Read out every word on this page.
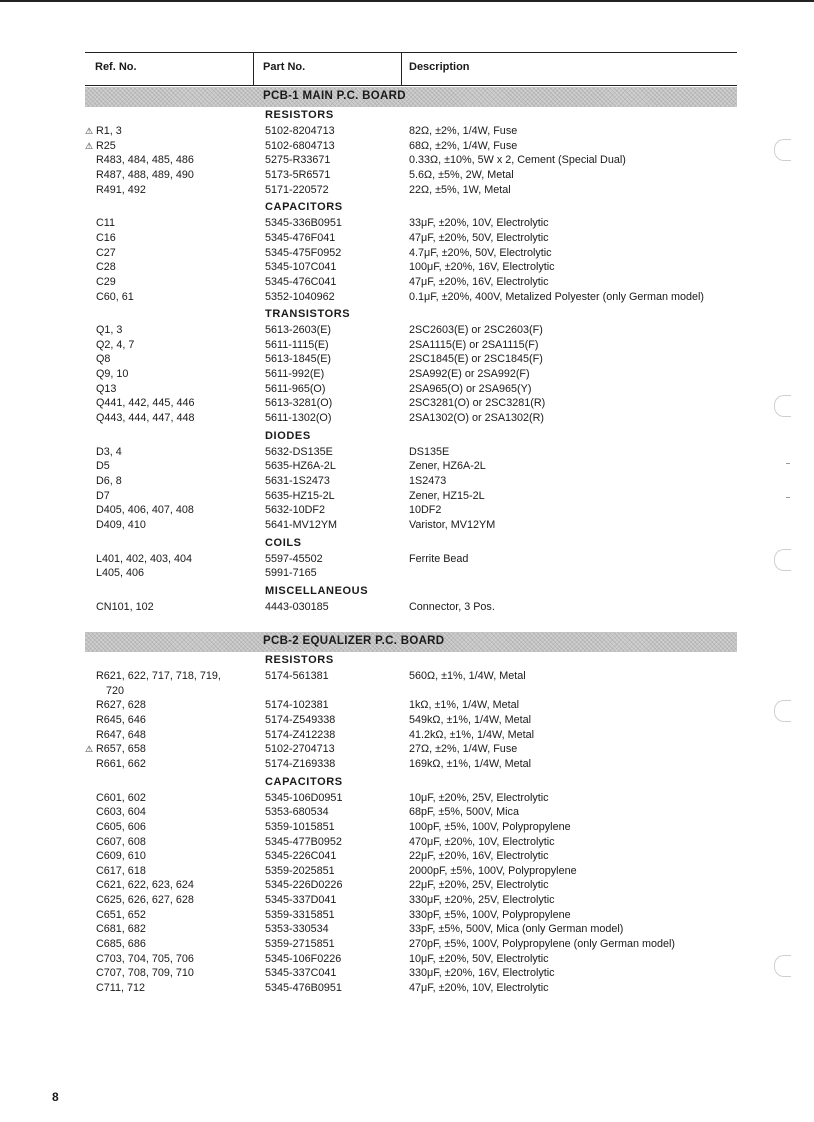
Ref. No.	Part No.	Description
PCB-1 MAIN P.C. BOARD
RESISTORS
⚠ R1, 3	5102-8204713	82Ω, ±2%, 1/4W, Fuse
⚠ R25	5102-6804713	68Ω, ±2%, 1/4W, Fuse
R483, 484, 485, 486	5275-R33671	0.33Ω, ±10%, 5W x 2, Cement (Special Dual)
R487, 488, 489, 490	5173-5R6571	5.6Ω, ±5%, 2W, Metal
R491, 492	5171-220572	22Ω, ±5%, 1W, Metal
CAPACITORS
C11	5345-336B0951	33μF, ±20%, 10V, Electrolytic
C16	5345-476F041	47μF, ±20%, 50V, Electrolytic
C27	5345-475F0952	4.7μF, ±20%, 50V, Electrolytic
C28	5345-107C041	100μF, ±20%, 16V, Electrolytic
C29	5345-476C041	47μF, ±20%, 16V, Electrolytic
C60, 61	5352-1040962	0.1μF, ±20%, 400V, Metalized Polyester (only German model)
TRANSISTORS
Q1, 3	5613-2603(E)	2SC2603(E) or 2SC2603(F)
Q2, 4, 7	5611-1115(E)	2SA1115(E) or 2SA1115(F)
Q8	5613-1845(E)	2SC1845(E) or 2SC1845(F)
Q9, 10	5611-992(E)	2SA992(E) or 2SA992(F)
Q13	5611-965(O)	2SA965(O) or 2SA965(Y)
Q441, 442, 445, 446	5613-3281(O)	2SC3281(O) or 2SC3281(R)
Q443, 444, 447, 448	5611-1302(O)	2SA1302(O) or 2SA1302(R)
DIODES
D3, 4	5632-DS135E	DS135E
D5	5635-HZ6A-2L	Zener, HZ6A-2L
D6, 8	5631-1S2473	1S2473
D7	5635-HZ15-2L	Zener, HZ15-2L
D405, 406, 407, 408	5632-10DF2	10DF2
D409, 410	5641-MV12YM	Varistor, MV12YM
COILS
L401, 402, 403, 404	5597-45502	Ferrite Bead
L405, 406	5991-7165
MISCELLANEOUS
CN101, 102	4443-030185	Connector, 3 Pos.
PCB-2 EQUALIZER P.C. BOARD
RESISTORS
R621, 622, 717, 718, 719,	5174-561381	560Ω, ±1%, 1/4W, Metal
720
R627, 628	5174-102381	1kΩ, ±1%, 1/4W, Metal
R645, 646	5174-Z549338	549kΩ, ±1%, 1/4W, Metal
R647, 648	5174-Z412238	41.2kΩ, ±1%, 1/4W, Metal
⚠ R657, 658	5102-2704713	27Ω, ±2%, 1/4W, Fuse
R661, 662	5174-Z169338	169kΩ, ±1%, 1/4W, Metal
CAPACITORS
C601, 602	5345-106D0951	10μF, ±20%, 25V, Electrolytic
C603, 604	5353-680534	68pF, ±5%, 500V, Mica
C605, 606	5359-1015851	100pF, ±5%, 100V, Polypropylene
C607, 608	5345-477B0952	470μF, ±20%, 10V, Electrolytic
C609, 610	5345-226C041	22μF, ±20%, 16V, Electrolytic
C617, 618	5359-2025851	2000pF, ±5%, 100V, Polypropylene
C621, 622, 623, 624	5345-226D0226	22μF, ±20%, 25V, Electrolytic
C625, 626, 627, 628	5345-337D041	330μF, ±20%, 25V, Electrolytic
C651, 652	5359-3315851	330pF, ±5%, 100V, Polypropylene
C681, 682	5353-330534	33pF, ±5%, 500V, Mica (only German model)
C685, 686	5359-2715851	270pF, ±5%, 100V, Polypropylene (only German model)
C703, 704, 705, 706	5345-106F0226	10μF, ±20%, 50V, Electrolytic
C707, 708, 709, 710	5345-337C041	330μF, ±20%, 16V, Electrolytic
C711, 712	5345-476B0951	47μF, ±20%, 10V, Electrolytic
8
